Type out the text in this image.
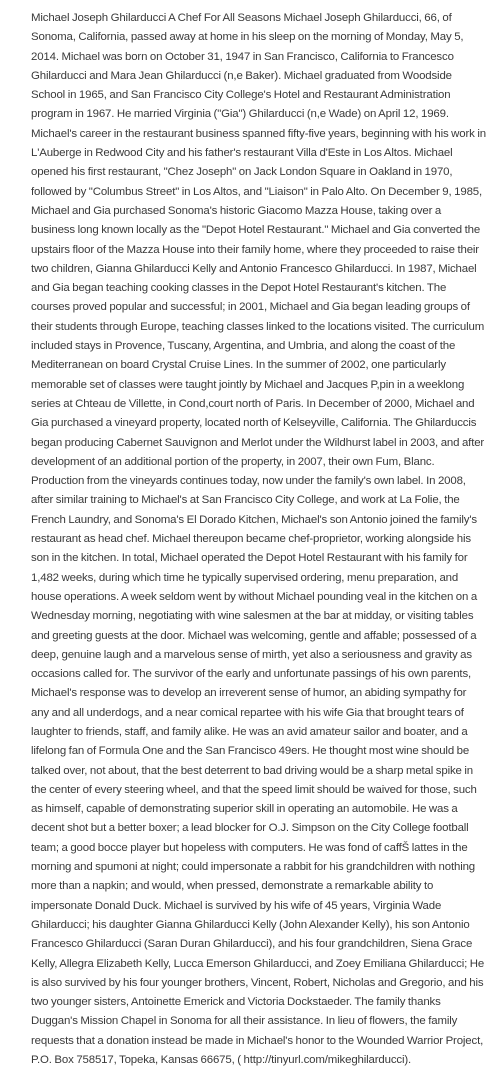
Michael Joseph Ghilarducci A Chef For All Seasons Michael Joseph Ghilarducci, 66, of Sonoma, California, passed away at home in his sleep on the morning of Monday, May 5, 2014. Michael was born on October 31, 1947 in San Francisco, California to Francesco Ghilarducci and Mara Jean Ghilarducci (n,e Baker). Michael graduated from Woodside School in 1965, and San Francisco City College's Hotel and Restaurant Administration program in 1967. He married Virginia ("Gia") Ghilarducci (n,e Wade) on April 12, 1969. Michael's career in the restaurant business spanned fifty-five years, beginning with his work in L'Auberge in Redwood City and his father's restaurant Villa d'Este in Los Altos. Michael opened his first restaurant, "Chez Joseph" on Jack London Square in Oakland in 1970, followed by "Columbus Street" in Los Altos, and "Liaison" in Palo Alto. On December 9, 1985, Michael and Gia purchased Sonoma's historic Giacomo Mazza House, taking over a business long known locally as the "Depot Hotel Restaurant." Michael and Gia converted the upstairs floor of the Mazza House into their family home, where they proceeded to raise their two children, Gianna Ghilarducci Kelly and Antonio Francesco Ghilarducci. In 1987, Michael and Gia began teaching cooking classes in the Depot Hotel Restaurant's kitchen. The courses proved popular and successful; in 2001, Michael and Gia began leading groups of their students through Europe, teaching classes linked to the locations visited. The curriculum included stays in Provence, Tuscany, Argentina, and Umbria, and along the coast of the Mediterranean on board Crystal Cruise Lines. In the summer of 2002, one particularly memorable set of classes were taught jointly by Michael and Jacques P,pin in a weeklong series at Chteau de Villette, in Cond,court north of Paris. In December of 2000, Michael and Gia purchased a vineyard property, located north of Kelseyville, California. The Ghilarduccis began producing Cabernet Sauvignon and Merlot under the Wildhurst label in 2003, and after development of an additional portion of the property, in 2007, their own Fum, Blanc. Production from the vineyards continues today, now under the family's own label. In 2008, after similar training to Michael's at San Francisco City College, and work at La Folie, the French Laundry, and Sonoma's El Dorado Kitchen, Michael's son Antonio joined the family's restaurant as head chef. Michael thereupon became chef-proprietor, working alongside his son in the kitchen. In total, Michael operated the Depot Hotel Restaurant with his family for 1,482 weeks, during which time he typically supervised ordering, menu preparation, and house operations. A week seldom went by without Michael pounding veal in the kitchen on a Wednesday morning, negotiating with wine salesmen at the bar at midday, or visiting tables and greeting guests at the door. Michael was welcoming, gentle and affable; possessed of a deep, genuine laugh and a marvelous sense of mirth, yet also a seriousness and gravity as occasions called for. The survivor of the early and unfortunate passings of his own parents, Michael's response was to develop an irreverent sense of humor, an abiding sympathy for any and all underdogs, and a near comical repartee with his wife Gia that brought tears of laughter to friends, staff, and family alike. He was an avid amateur sailor and boater, and a lifelong fan of Formula One and the San Francisco 49ers. He thought most wine should be talked over, not about, that the best deterrent to bad driving would be a sharp metal spike in the center of every steering wheel, and that the speed limit should be waived for those, such as himself, capable of demonstrating superior skill in operating an automobile. He was a decent shot but a better boxer; a lead blocker for O.J. Simpson on the City College football team; a good bocce player but hopeless with computers. He was fond of caffŠ lattes in the morning and spumoni at night; could impersonate a rabbit for his grandchildren with nothing more than a napkin; and would, when pressed, demonstrate a remarkable ability to impersonate Donald Duck. Michael is survived by his wife of 45 years, Virginia Wade Ghilarducci; his daughter Gianna Ghilarducci Kelly (John Alexander Kelly), his son Antonio Francesco Ghilarducci (Saran Duran Ghilarducci), and his four grandchildren, Siena Grace Kelly, Allegra Elizabeth Kelly, Lucca Emerson Ghilarducci, and Zoey Emiliana Ghilarducci; He is also survived by his four younger brothers, Vincent, Robert, Nicholas and Gregorio, and his two younger sisters, Antoinette Emerick and Victoria Dockstaeder. The family thanks Duggan's Mission Chapel in Sonoma for all their assistance. In lieu of flowers, the family requests that a donation instead be made in Michael's honor to the Wounded Warrior Project, P.O. Box 758517, Topeka, Kansas 66675, ( http://tinyurl.com/mikeghilarducci).
